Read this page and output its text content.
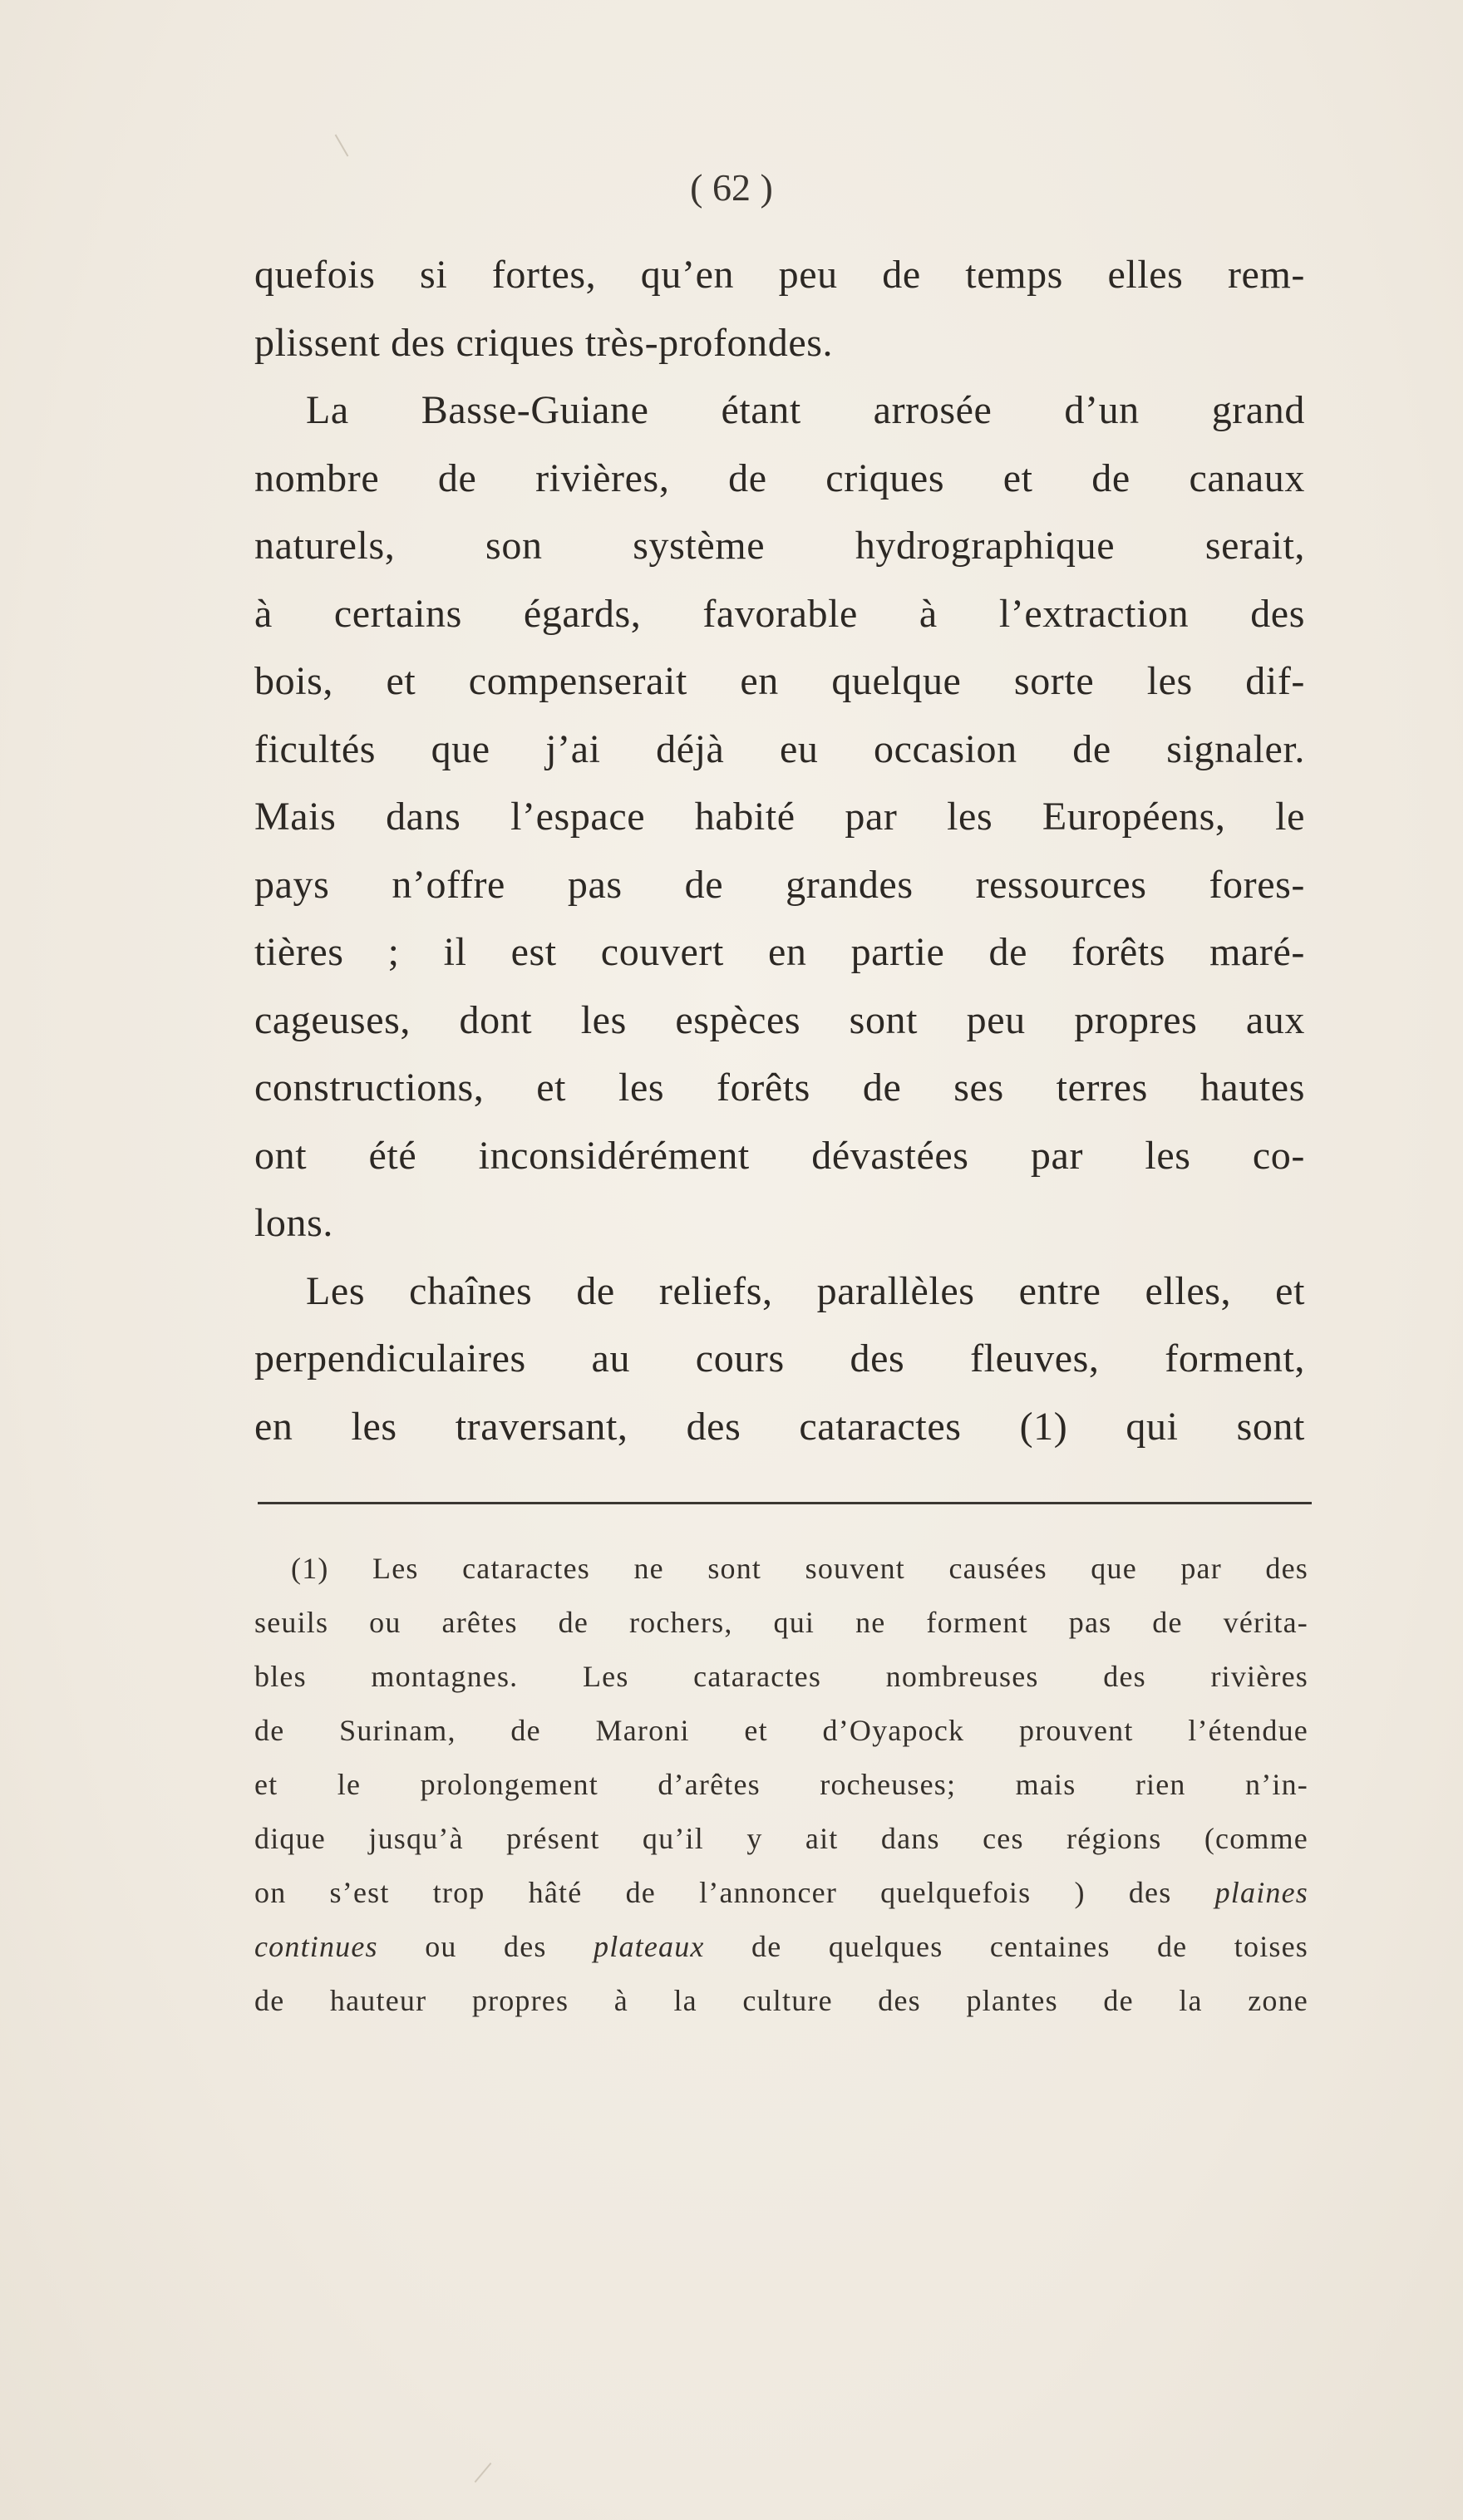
( 62 )
quefois si fortes, qu’en peu de temps elles rem-
plissent des criques très-profondes.
La Basse-Guiane étant arrosée d’un grand
nombre de rivières, de criques et de canaux
naturels, son système hydrographique serait,
à certains égards, favorable à l’extraction des
bois, et compenserait en quelque sorte les dif-
ficultés que j’ai déjà eu occasion de signaler.
Mais dans l’espace habité par les Européens, le
pays n’offre pas de grandes ressources fores-
tières ; il est couvert en partie de forêts maré-
cageuses, dont les espèces sont peu propres aux
constructions, et les forêts de ses terres hautes
ont été inconsidérément dévastées par les co-
lons.
Les chaînes de reliefs, parallèles entre elles, et
perpendiculaires au cours des fleuves, forment,
en les traversant, des cataractes (1) qui sont
(1) Les cataractes ne sont souvent causées que par des
seuils ou arêtes de rochers, qui ne forment pas de vérita-
bles montagnes. Les cataractes nombreuses des rivières
de Surinam, de Maroni et d’Oyapock prouvent l’étendue
et le prolongement d’arêtes rocheuses; mais rien n’in-
dique jusqu’à présent qu’il y ait dans ces régions (comme
on s’est trop hâté de l’annoncer quelquefois ) des plaines
continues ou des plateaux de quelques centaines de toises
de hauteur propres à la culture des plantes de la zone
